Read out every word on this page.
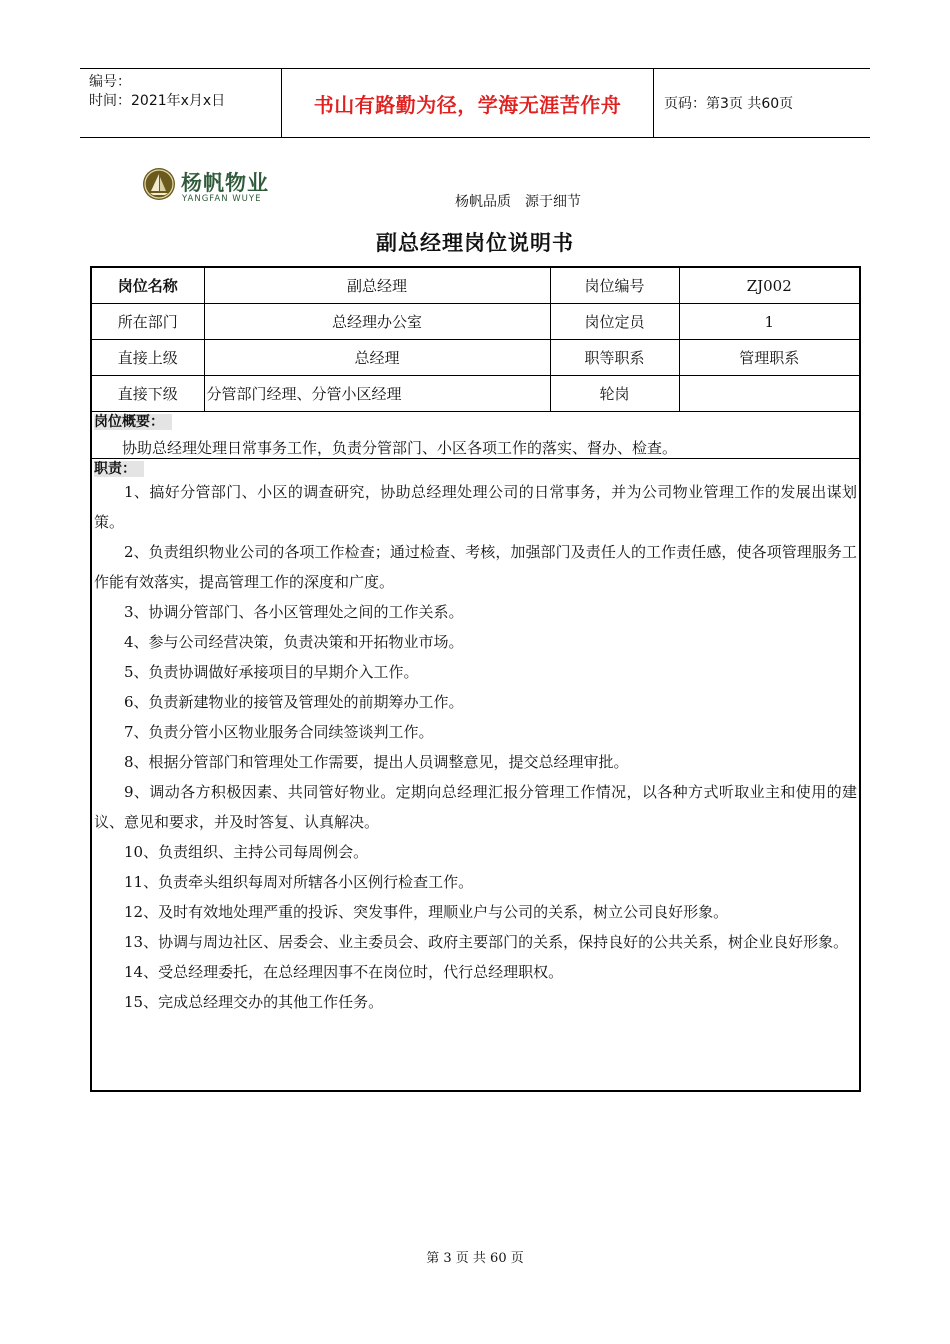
编号：
时间：2021年x月x日	书山有路勤为径，学海无涯苦作舟	页码：第3页 共60页
杨帆物业
YANGFAN WUYE	杨帆品质　源于细节
副总经理岗位说明书
岗位名称	副总经理	岗位编号	ZJ002
所在部门	总经理办公室	岗位定员	1
直接上级	总经理	职等职系	管理职系
直接下级	分管部门经理、分管小区经理	轮岗	
岗位概要：
协助总经理处理日常事务工作，负责分管部门、小区各项工作的落实、督办、检查。
职责：
1、搞好分管部门、小区的调查研究，协助总经理处理公司的日常事务，并为公司物业管理工作的发展出谋划策。
2、负责组织物业公司的各项工作检查；通过检查、考核，加强部门及责任人的工作责任感，使各项管理服务工作能有效落实，提高管理工作的深度和广度。
3、协调分管部门、各小区管理处之间的工作关系。
4、参与公司经营决策，负责决策和开拓物业市场。
5、负责协调做好承接项目的早期介入工作。
6、负责新建物业的接管及管理处的前期筹办工作。
7、负责分管小区物业服务合同续签谈判工作。
8、根据分管部门和管理处工作需要，提出人员调整意见，提交总经理审批。
9、调动各方积极因素、共同管好物业。定期向总经理汇报分管理工作情况，以各种方式听取业主和使用的建议、意见和要求，并及时答复、认真解决。
10、负责组织、主持公司每周例会。
11、负责牵头组织每周对所辖各小区例行检查工作。
12、及时有效地处理严重的投诉、突发事件，理顺业户与公司的关系，树立公司良好形象。
13、协调与周边社区、居委会、业主委员会、政府主要部门的关系，保持良好的公共关系，树企业良好形象。
14、受总经理委托，在总经理因事不在岗位时，代行总经理职权。
15、完成总经理交办的其他工作任务。
第 3 页 共 60 页
